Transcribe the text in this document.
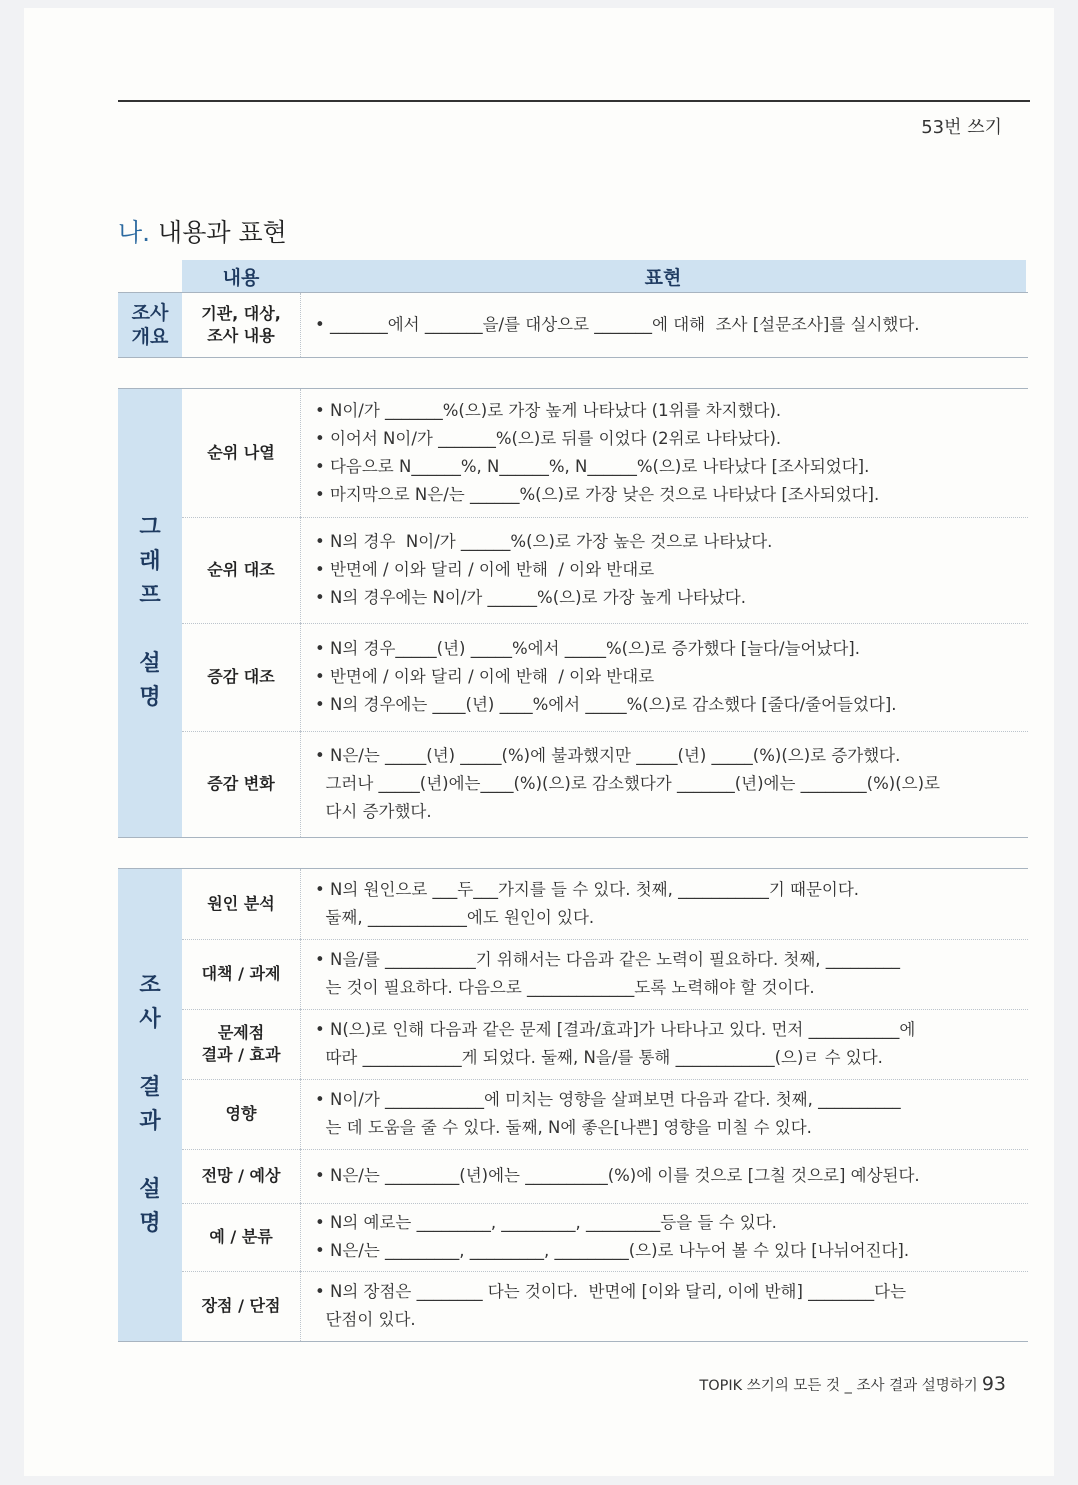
53번 쓰기
나. 내용과 표현
내용	표현
조사
개요
기관, 대상,
조사 내용
• _______에서 _______을/를 대상으로 _______에 대해  조사 [설문조사]를 실시했다.
그
래
프

설
명
순위 나열
• N이/가 _______%(으)로 가장 높게 나타났다 (1위를 차지했다).
• 이어서 N이/가 _______%(으)로 뒤를 이었다 (2위로 나타났다).
• 다음으로 N______%, N______%, N______%(으)로 나타났다 [조사되었다].
• 마지막으로 N은/는 ______%(으)로 가장 낮은 것으로 나타났다 [조사되었다].
순위 대조
• N의 경우  N이/가 ______%(으)로 가장 높은 것으로 나타났다.
• 반면에 / 이와 달리 / 이에 반해  / 이와 반대로
• N의 경우에는 N이/가 ______%(으)로 가장 높게 나타났다.
증감 대조
• N의 경우_____(년) _____%에서 _____%(으)로 증가했다 [늘다/늘어났다].
• 반면에 / 이와 달리 / 이에 반해  / 이와 반대로
• N의 경우에는 ____(년) ____%에서 _____%(으)로 감소했다 [줄다/줄어들었다].
증감 변화
• N은/는 _____(년) _____(%)에 불과했지만 _____(년) _____(%)(으)로 증가했다.
그러나 _____(년)에는____(%)(으)로 감소했다가 _______(년)에는 ________(%)(으)로
다시 증가했다.
조
사

결
과

설
명
원인 분석
• N의 원인으로 ___두___가지를 들 수 있다. 첫째, ___________기 때문이다.
둘째, ____________에도 원인이 있다.
대책 / 과제
• N을/를 ___________기 위해서는 다음과 같은 노력이 필요하다. 첫째, _________
는 것이 필요하다. 다음으로 _____________도록 노력해야 할 것이다.
문제점
결과 / 효과
• N(으)로 인해 다음과 같은 문제 [결과/효과]가 나타나고 있다. 먼저 ___________에
따라 ____________게 되었다. 둘째, N을/를 통해 ____________(으)ㄹ 수 있다.
영향
• N이/가 ____________에 미치는 영향을 살펴보면 다음과 같다. 첫째, __________
는 데 도움을 줄 수 있다. 둘째, N에 좋은[나쁜] 영향을 미칠 수 있다.
전망 / 예상	• N은/는 _________(년)에는 __________(%)에 이를 것으로 [그칠 것으로] 예상된다.
예 / 분류
• N의 예로는 _________, _________, _________등을 들 수 있다.
• N은/는 _________, _________, _________(으)로 나누어 볼 수 있다 [나뉘어진다].
장점 / 단점
• N의 장점은 ________ 다는 것이다.  반면에 [이와 달리, 이에 반해] ________다는
단점이 있다.
TOPIK 쓰기의 모든 것 _ 조사 결과 설명하기 93
